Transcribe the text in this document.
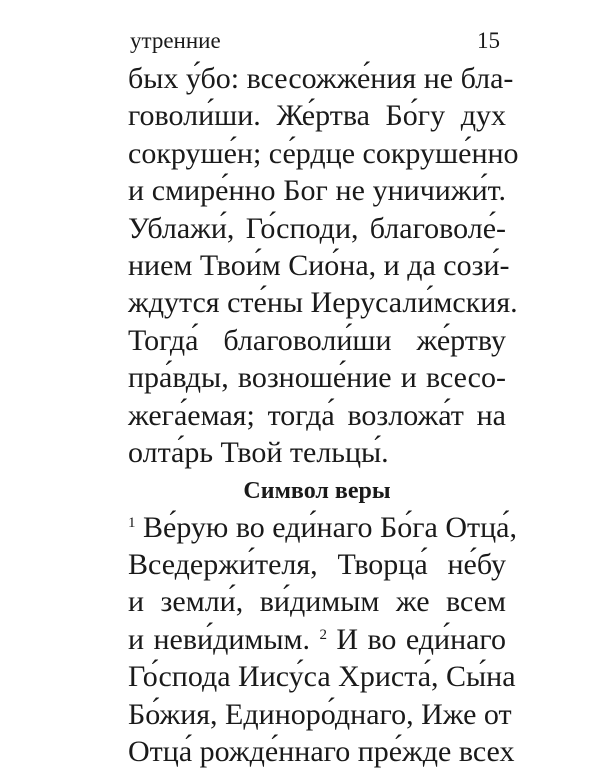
утренние	15
бых у́бо: всесожже́ния не бла-
говоли́ши. Же́ртва Бо́гу дух
сокруше́н; се́рдце сокруше́нно
и смире́нно Бог не уничижи́т.
Ублажи́, Го́споди, благоволе́-
нием Твои́м Сио́на, и да сози́-
ждутся сте́ны Иерусали́мския.
Тогда́ благоволи́ши же́ртву
пра́вды, возноше́ние и всесо-
жега́емая; тогда́ возложа́т на
олта́рь Твой тельцы́.
Символ веры
$^1$ Ве́рую во еди́наго Бо́га Отца́,
Вседержи́теля, Творца́ не́бу
и земли́, ви́димым же всем
и неви́димым. $^2$ И во еди́наго
Го́спода Иису́са Христа́, Сы́на
Бо́жия, Единоро́днаго, Иже от
Отца́ рожде́ннаго пре́жде всех
